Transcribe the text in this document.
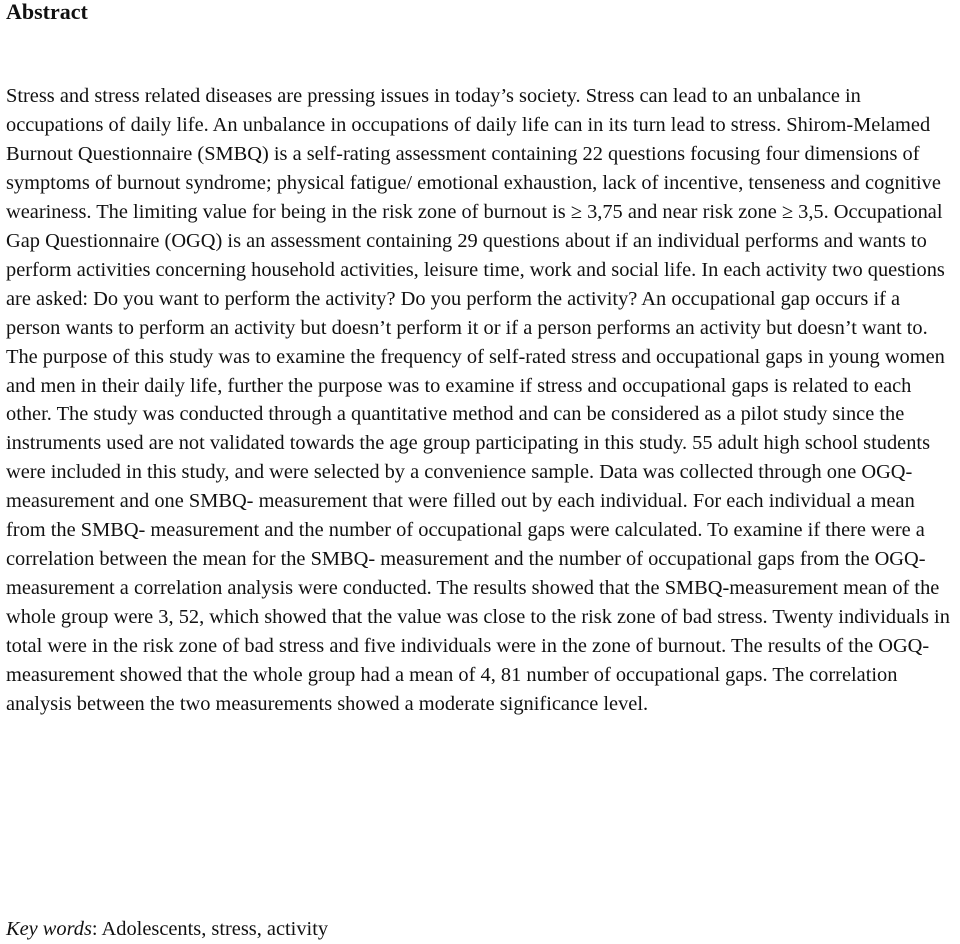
Abstract

Stress and stress related diseases are pressing issues in today’s society. Stress can lead to an unbalance in occupations of daily life. An unbalance in occupations of daily life can in its turn lead to stress. Shirom-Melamed Burnout Questionnaire (SMBQ) is a self-rating assessment containing 22 questions focusing four dimensions of symptoms of burnout syndrome; physical fatigue/ emotional exhaustion, lack of incentive, tenseness and cognitive weariness. The limiting value for being in the risk zone of burnout is ≥ 3,75 and near risk zone ≥ 3,5. Occupational Gap Questionnaire (OGQ) is an assessment containing 29 questions about if an individual performs and wants to perform activities concerning household activities, leisure time, work and social life. In each activity two questions are asked: Do you want to perform the activity? Do you perform the activity? An occupational gap occurs if a person wants to perform an activity but doesn’t perform it or if a person performs an activity but doesn’t want to. The purpose of this study was to examine the frequency of self-rated stress and occupational gaps in young women and men in their daily life, further the purpose was to examine if stress and occupational gaps is related to each other. The study was conducted through a quantitative method and can be considered as a pilot study since the instruments used are not validated towards the age group participating in this study. 55 adult high school students were included in this study, and were selected by a convenience sample. Data was collected through one OGQ- measurement and one SMBQ- measurement that were filled out by each individual. For each individual a mean from the SMBQ- measurement and the number of occupational gaps were calculated. To examine if there were a correlation between the mean for the SMBQ- measurement and the number of occupational gaps from the OGQ-measurement a correlation analysis were conducted. The results showed that the SMBQ-measurement mean of the whole group were 3, 52, which showed that the value was close to the risk zone of bad stress. Twenty individuals in total were in the risk zone of bad stress and five individuals were in the zone of burnout. The results of the OGQ- measurement showed that the whole group had a mean of 4, 81 number of occupational gaps. The correlation analysis between the two measurements showed a moderate significance level.

Key words: Adolescents, stress, activity
